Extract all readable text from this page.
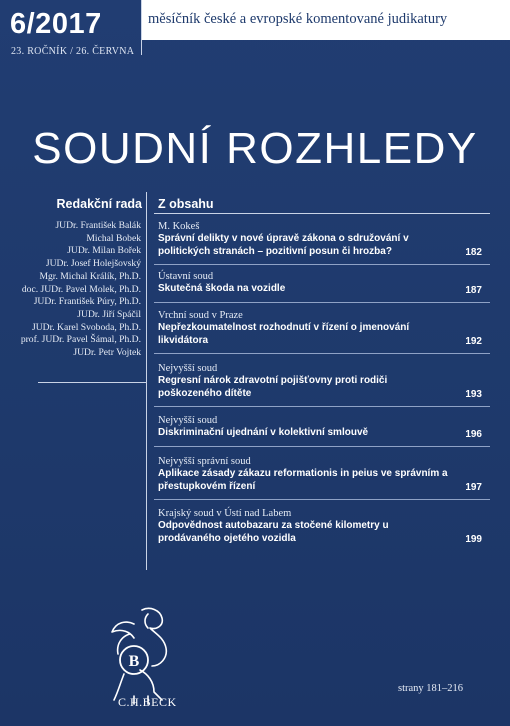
6/2017
23. ROČNÍK / 26. ČERVNA
měsíčník české a evropské komentované judikatury
SOUDNÍ ROZHLEDY
Redakční rada
JUDr. František Balák
Michal Bobek
JUDr. Milan Bořek
JUDr. Josef Holejšovský
Mgr. Michal Králík, Ph.D.
doc. JUDr. Pavel Molek, Ph.D.
JUDr. František Púry, Ph.D.
JUDr. Jiří Spáčil
JUDr. Karel Svoboda, Ph.D.
prof. JUDr. Pavel Šámal, Ph.D.
JUDr. Petr Vojtek
Z obsahu
M. Kokeš
Správní delikty v nové úpravě zákona o sdružování v politických stranách – pozitivní posun či hrozba?	182
Ústavní soud
Skutečná škoda na vozidle	187
Vrchní soud v Praze
Nepřezkoumatelnost rozhodnutí v řízení o jmenování likvidátora	192
Nejvyšší soud
Regresní nárok zdravotní pojišťovny proti rodiči poškozeného dítěte	193
Nejvyšší soud
Diskriminační ujednání v kolektivní smlouvě	196
Nejvyšší správní soud
Aplikace zásady zákazu reformationis in peius ve správním a přestupkovém řízení	197
Krajský soud v Ústí nad Labem
Odpovědnost autobazaru za stočené kilometry u prodávaného ojetého vozidla	199
B
C.H.BECK
strany 181–216
